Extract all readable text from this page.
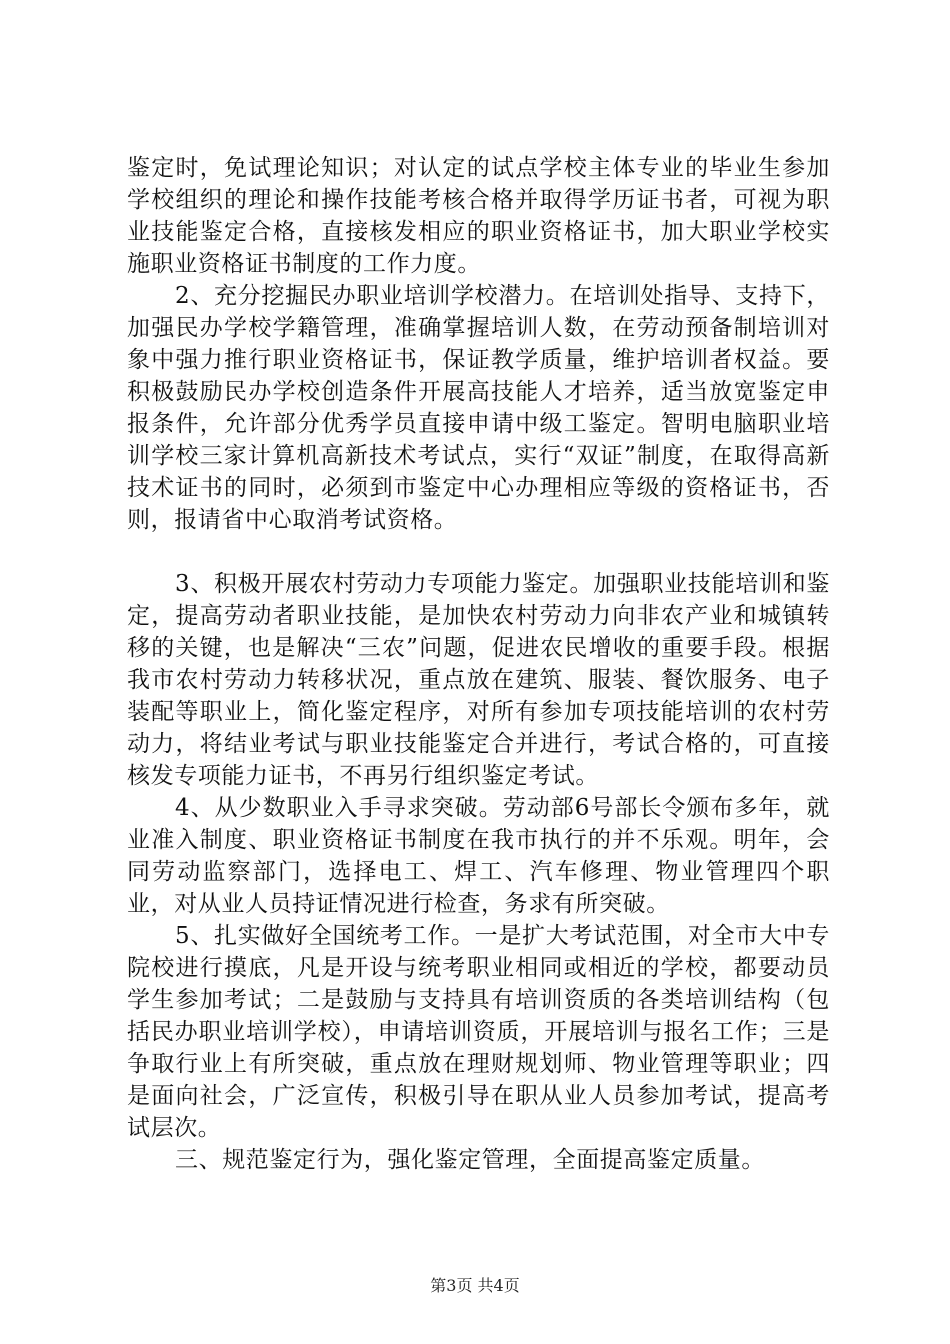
鉴定时，免试理论知识；对认定的试点学校主体专业的毕业生参加学校组织的理论和操作技能考核合格并取得学历证书者，可视为职业技能鉴定合格，直接核发相应的职业资格证书，加大职业学校实施职业资格证书制度的工作力度。

2、充分挖掘民办职业培训学校潜力。在培训处指导、支持下，加强民办学校学籍管理，准确掌握培训人数，在劳动预备制培训对象中强力推行职业资格证书，保证教学质量，维护培训者权益。要积极鼓励民办学校创造条件开展高技能人才培养，适当放宽鉴定申报条件，允许部分优秀学员直接申请中级工鉴定。智明电脑职业培训学校三家计算机高新技术考试点，实行“双证”制度，在取得高新技术证书的同时，必须到市鉴定中心办理相应等级的资格证书，否则，报请省中心取消考试资格。

3、积极开展农村劳动力专项能力鉴定。加强职业技能培训和鉴定，提高劳动者职业技能，是加快农村劳动力向非农产业和城镇转移的关键，也是解决“三农”问题，促进农民增收的重要手段。根据我市农村劳动力转移状况，重点放在建筑、服装、餐饮服务、电子装配等职业上，简化鉴定程序，对所有参加专项技能培训的农村劳动力，将结业考试与职业技能鉴定合并进行，考试合格的，可直接核发专项能力证书，不再另行组织鉴定考试。

4、从少数职业入手寻求突破。劳动部6号部长令颁布多年，就业准入制度、职业资格证书制度在我市执行的并不乐观。明年，会同劳动监察部门，选择电工、焊工、汽车修理、物业管理四个职业，对从业人员持证情况进行检查，务求有所突破。

5、扎实做好全国统考工作。一是扩大考试范围，对全市大中专院校进行摸底，凡是开设与统考职业相同或相近的学校，都要动员学生参加考试；二是鼓励与支持具有培训资质的各类培训结构（包括民办职业培训学校），申请培训资质，开展培训与报名工作；三是争取行业上有所突破，重点放在理财规划师、物业管理等职业；四是面向社会，广泛宣传，积极引导在职从业人员参加考试，提高考试层次。

三、规范鉴定行为，强化鉴定管理，全面提高鉴定质量。

第3页 共4页
